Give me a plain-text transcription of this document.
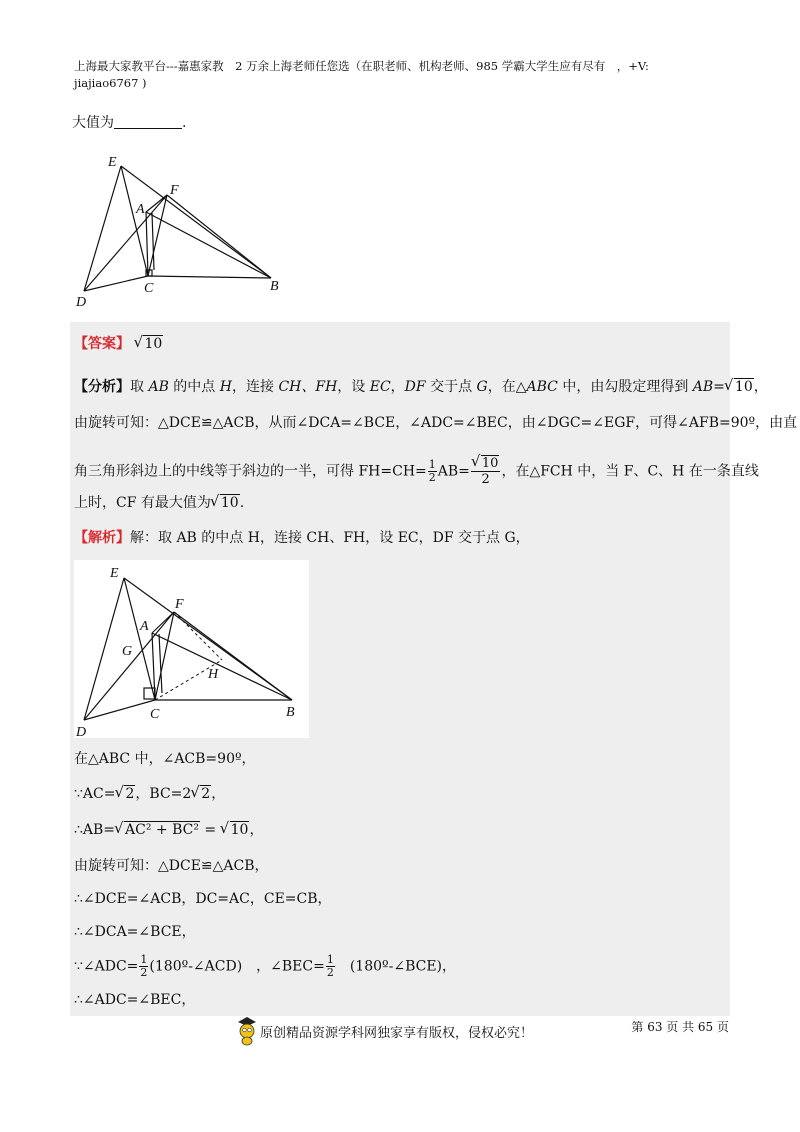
上海最大家教平台---嘉惠家教　2 万余上海老师任您选（在职老师、机构老师、985 学霸大学生应有尽有　，+V:
jiajiao6767 )
大值为	.
E
F
A
D
C	B
【答案】 √ 10
【分析】取 AB 的中点 H，连接 CH、FH，设 EC，DF 交于点 G，在△ABC 中，由勾股定理得到 AB= √ 10，
由旋转可知：△DCE≌△ACB，从而∠DCA=∠BCE，∠ADC=∠BEC，由∠DGC=∠EGF，可得∠AFB=90º，由直
角三角形斜边上的中线等于斜边的一半，可得 $FH=CH= \frac{1}{2} AB=$ √ $\frac{10}{2}$ ，在△FCH 中，当 F、C、H 在一条直线
上时，CF 有最大值为 √ 10.
【解析】解：取 AB 的中点 H，连接 CH、FH，设 EC，DF 交于点 G，
E
F
A
G
H
D
C	B
在△ABC 中，∠ACB=90º，
∵AC= √ 2，BC=2 √ 2，
∴AB= √ AC² + BC² = √ 10，
由旋转可知：△DCE≌△ACB，
∴∠DCE=∠ACB，DC=AC，CE=CB，
∴∠DCA=∠BCE，
∵∠ADC= $\frac{1}{2}$ (180º-∠ACD)　，∠BEC= $\frac{1}{2}$ 　(180º-∠BCE)，
∴∠ADC=∠BEC，
原创精品资源学科网独家享有版权，侵权必究！	第 63 页 共 65 页
